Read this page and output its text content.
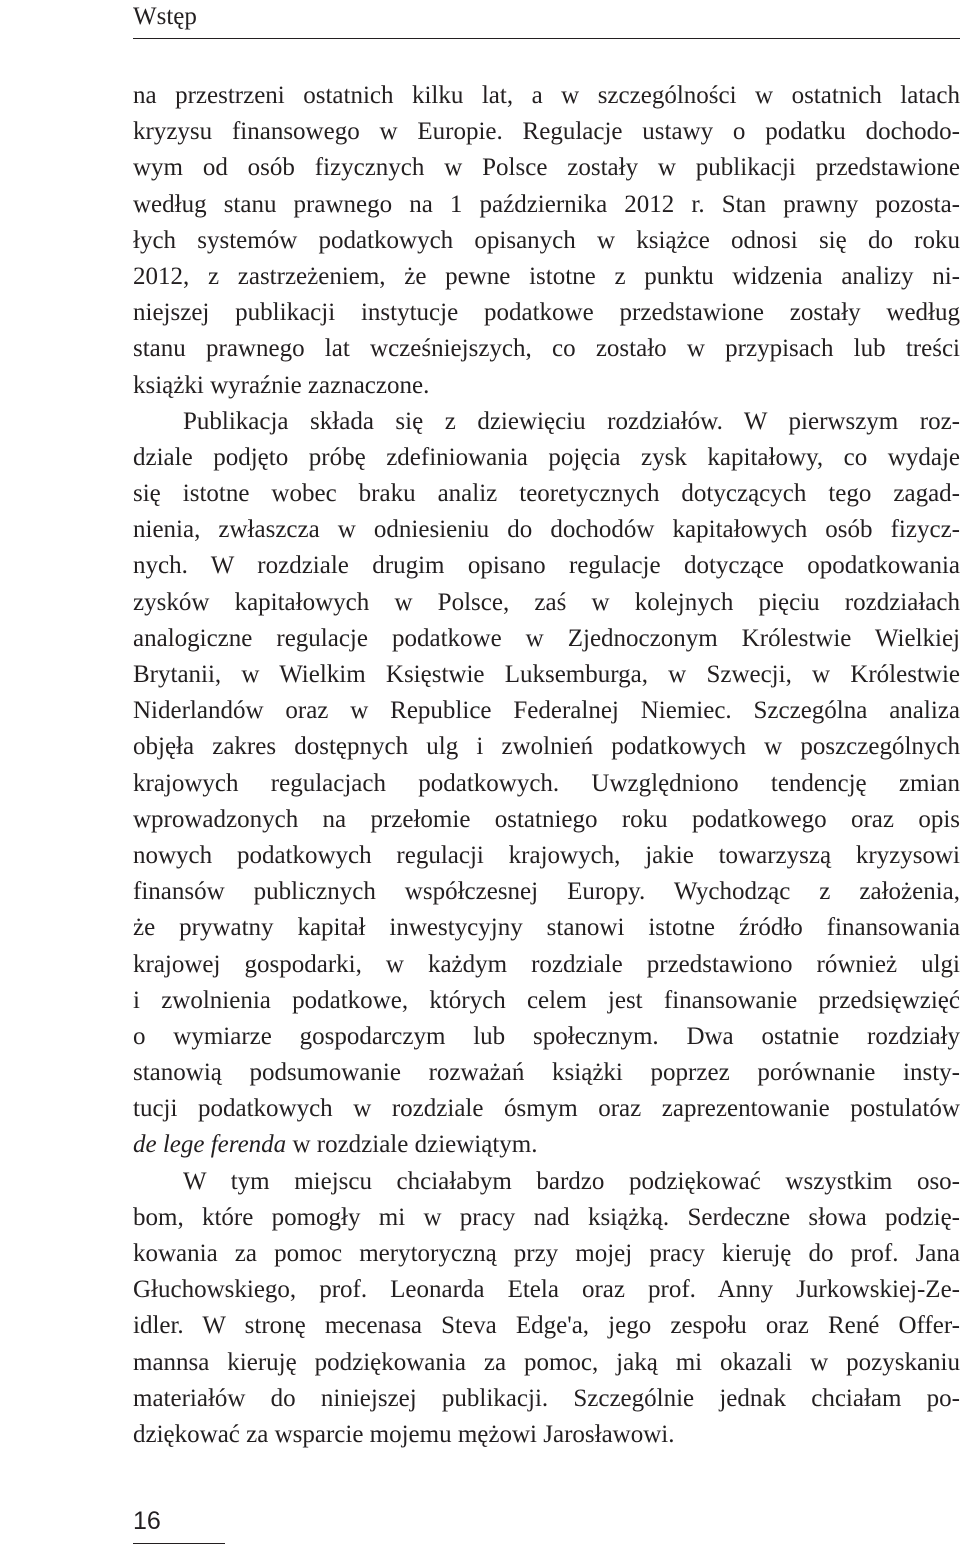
Wstęp
na przestrzeni ostatnich kilku lat, a w szczególności w ostatnich latach
kryzysu finansowego w Europie. Regulacje ustawy o podatku dochodo-
wym od osób fizycznych w Polsce zostały w publikacji przedstawione
według stanu prawnego na 1 października 2012 r. Stan prawny pozosta-
łych systemów podatkowych opisanych w książce odnosi się do roku
2012, z zastrzeżeniem, że pewne istotne z punktu widzenia analizy ni-
niejszej publikacji instytucje podatkowe przedstawione zostały według
stanu prawnego lat wcześniejszych, co zostało w przypisach lub treści
książki wyraźnie zaznaczone.
Publikacja składa się z dziewięciu rozdziałów. W pierwszym roz-
dziale podjęto próbę zdefiniowania pojęcia zysk kapitałowy, co wydaje
się istotne wobec braku analiz teoretycznych dotyczących tego zagad-
nienia, zwłaszcza w odniesieniu do dochodów kapitałowych osób fizycz-
nych. W rozdziale drugim opisano regulacje dotyczące opodatkowania
zysków kapitałowych w Polsce, zaś w kolejnych pięciu rozdziałach
analogiczne regulacje podatkowe w Zjednoczonym Królestwie Wielkiej
Brytanii, w Wielkim Księstwie Luksemburga, w Szwecji, w Królestwie
Niderlandów oraz w Republice Federalnej Niemiec. Szczególna analiza
objęła zakres dostępnych ulg i zwolnień podatkowych w poszczególnych
krajowych regulacjach podatkowych. Uwzględniono tendencję zmian
wprowadzonych na przełomie ostatniego roku podatkowego oraz opis
nowych podatkowych regulacji krajowych, jakie towarzyszą kryzysowi
finansów publicznych współczesnej Europy. Wychodząc z założenia,
że prywatny kapitał inwestycyjny stanowi istotne źródło finansowania
krajowej gospodarki, w każdym rozdziale przedstawiono również ulgi
i zwolnienia podatkowe, których celem jest finansowanie przedsięwzięć
o wymiarze gospodarczym lub społecznym. Dwa ostatnie rozdziały
stanowią podsumowanie rozważań książki poprzez porównanie insty-
tucji podatkowych w rozdziale ósmym oraz zaprezentowanie postulatów
de lege ferenda w rozdziale dziewiątym.
W tym miejscu chciałabym bardzo podziękować wszystkim oso-
bom, które pomogły mi w pracy nad książką. Serdeczne słowa podzię-
kowania za pomoc merytoryczną przy mojej pracy kieruję do prof. Jana
Głuchowskiego, prof. Leonarda Etela oraz prof. Anny Jurkowskiej-Ze-
idler. W stronę mecenasa Steva Edge'a, jego zespołu oraz René Offer-
mannsa kieruję podziękowania za pomoc, jaką mi okazali w pozyskaniu
materiałów do niniejszej publikacji. Szczególnie jednak chciałam po-
dziękować za wsparcie mojemu mężowi Jarosławowi.
16
